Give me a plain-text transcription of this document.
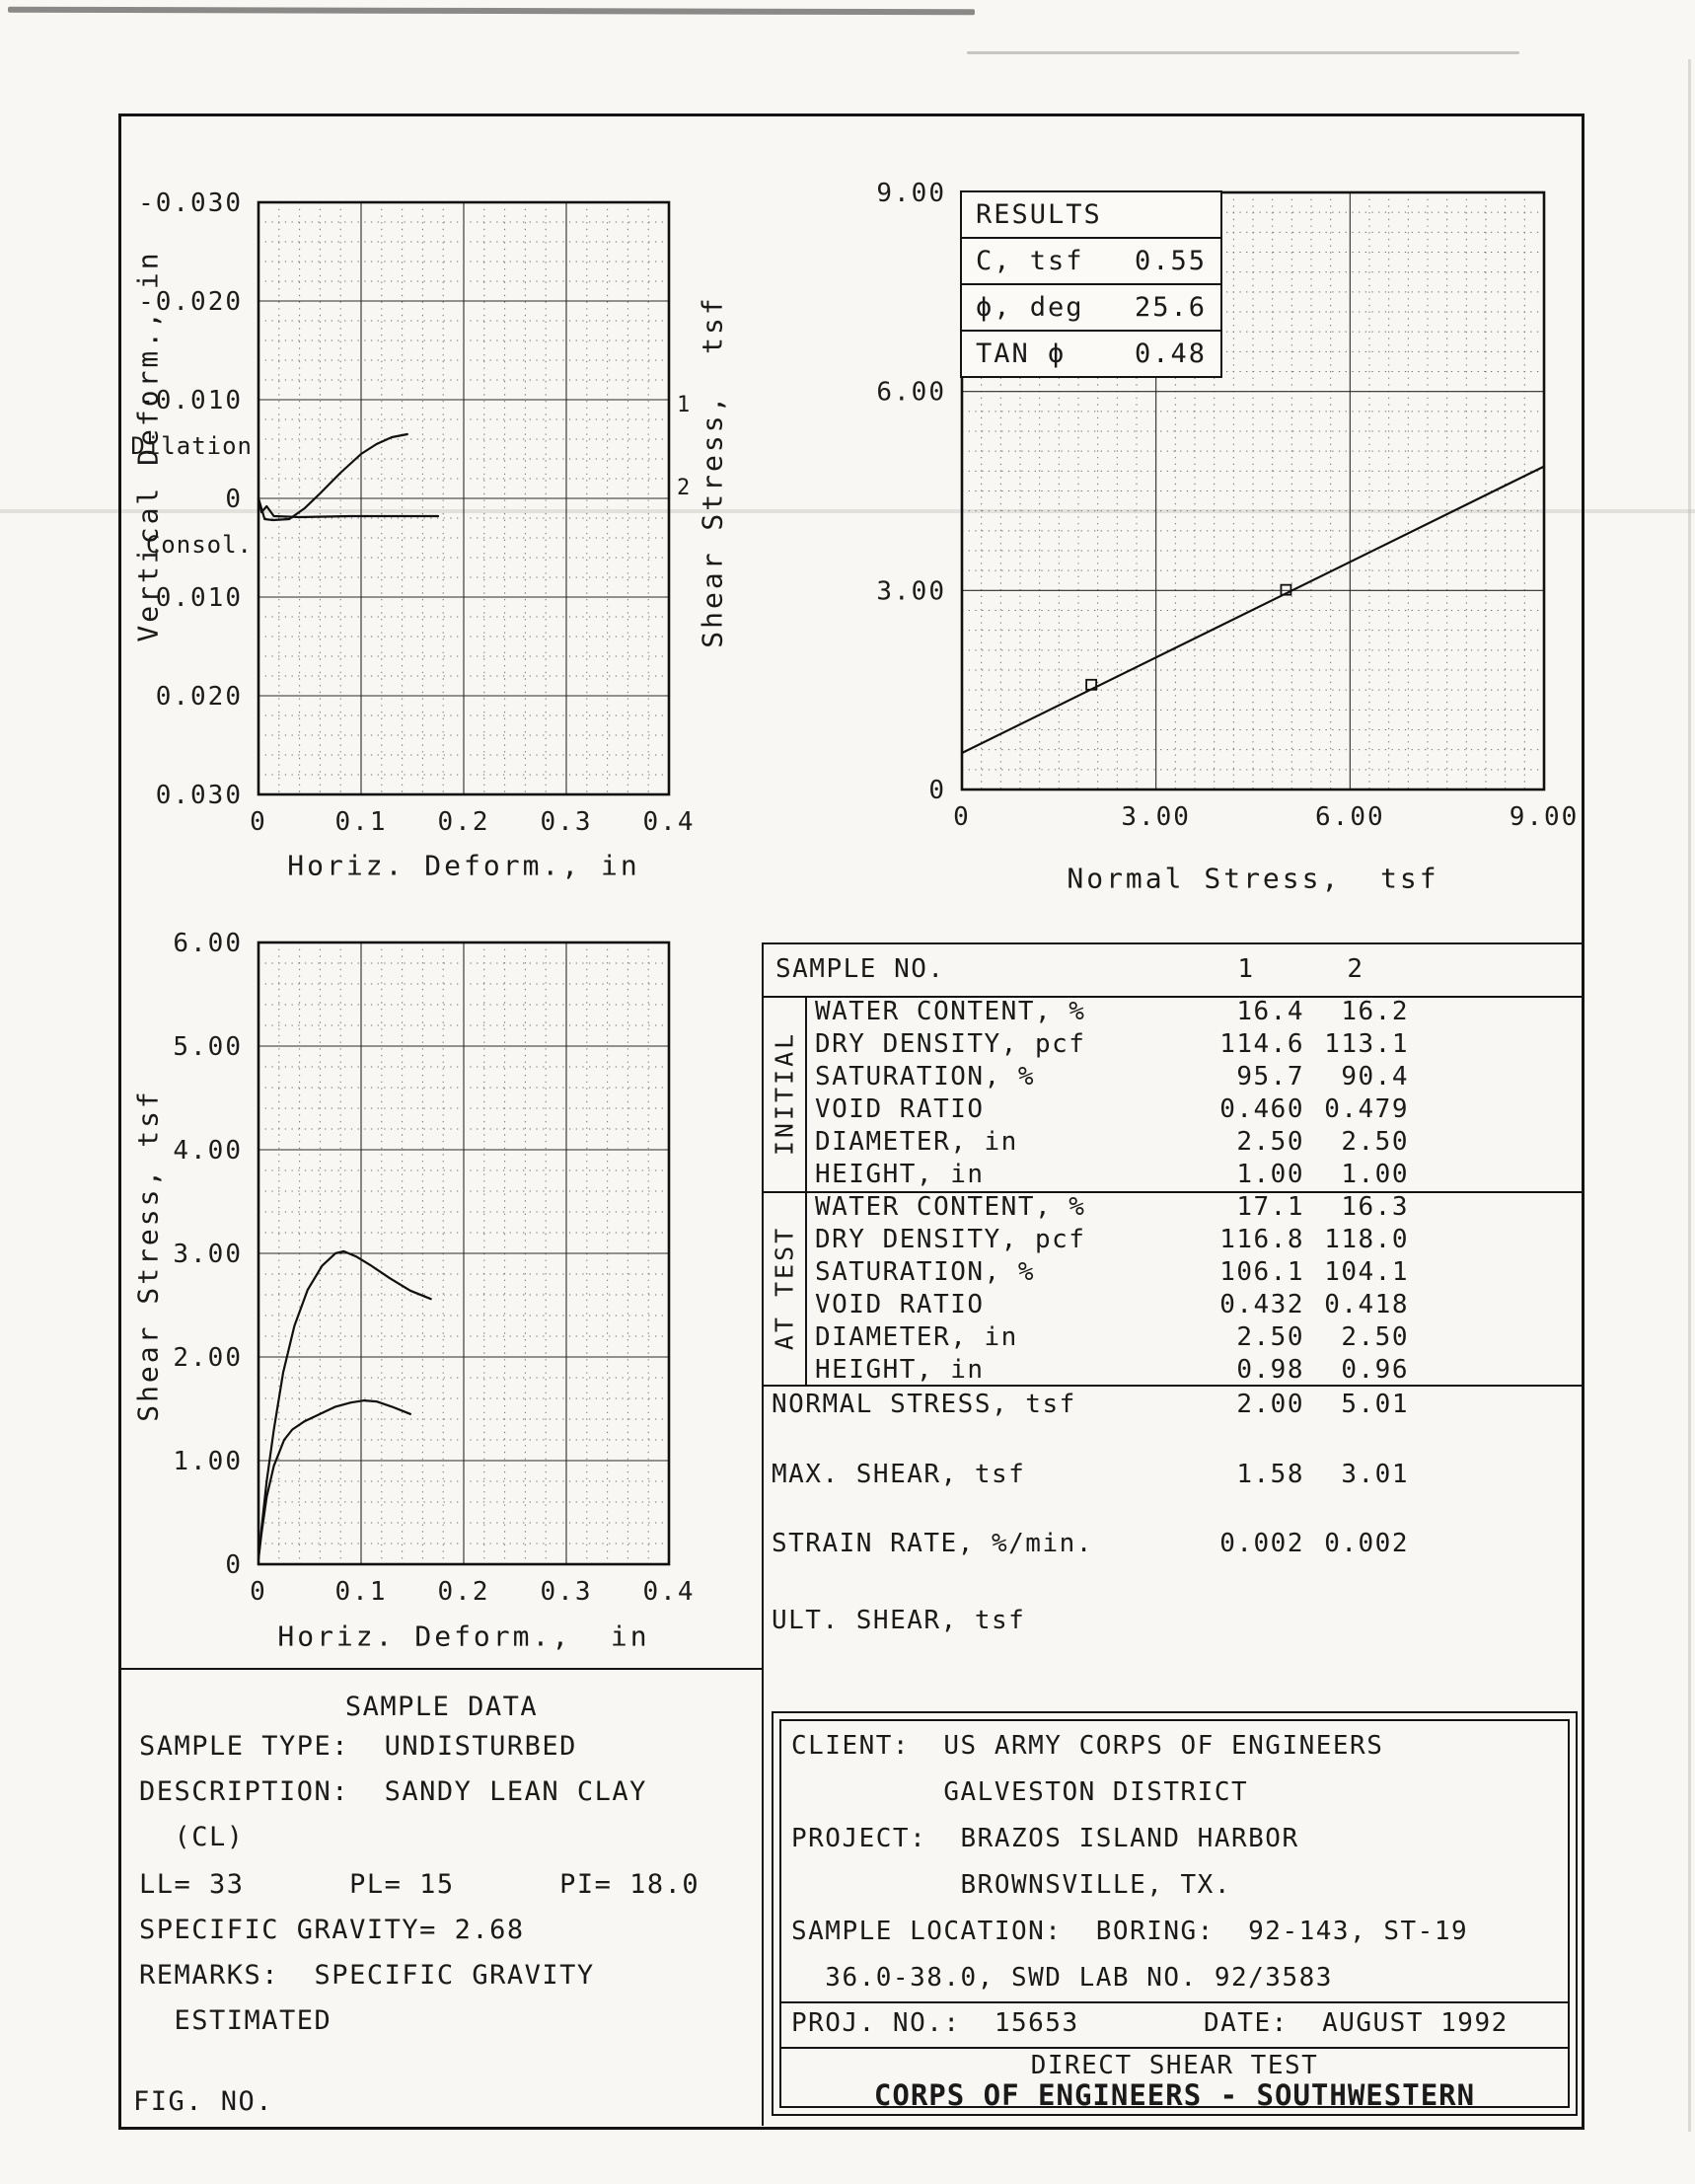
0	0.1 0.2 0.3 0.4
-0.030
-0.020
-0.010
0
0.010
0.020
0.030
Vertical Deform., in
Horiz. Deform., in
Dilation
Consol.
1
2
0	3.00	6.00	9.00
9.00
6.00
3.00
0
Shear Stress,  tsf
Normal Stress,  tsf
RESULTS
C, tsf 0.55
ϕ, deg 25.6
TAN ϕ	0.48
0	0.1 0.2 0.3 0.4
6.00
5.00
4.00
3.00
2.00
1.00
0
Shear Stress, tsf
Horiz. Deform.,  in
SAMPLE NO.	1	2
INITIAL
WATER CONTENT, %	16.4	16.2
DRY DENSITY, pcf	114.6 113.1
SATURATION, %	95.7	90.4
VOID RATIO	0.460 0.479
DIAMETER, in	2.50	2.50
HEIGHT, in	1.00	1.00
AT TEST
WATER CONTENT, %	17.1	16.3
DRY DENSITY, pcf	116.8 118.0
SATURATION, %	106.1 104.1
VOID RATIO	0.432 0.418
DIAMETER, in	2.50	2.50
HEIGHT, in	0.98	0.96
NORMAL STRESS, tsf	2.00	5.01
MAX. SHEAR, tsf	1.58	3.01
STRAIN RATE, %/min.	0.002 0.002
ULT. SHEAR, tsf
SAMPLE DATA
SAMPLE TYPE:  UNDISTURBED
DESCRIPTION:  SANDY LEAN CLAY
(CL)
LL= 33      PL= 15      PI= 18.0
SPECIFIC GRAVITY= 2.68
REMARKS:  SPECIFIC GRAVITY
ESTIMATED
FIG. NO.
CLIENT:  US ARMY CORPS OF ENGINEERS
GALVESTON DISTRICT
PROJECT:  BRAZOS ISLAND HARBOR
BROWNSVILLE, TX.
SAMPLE LOCATION:  BORING:  92-143, ST-19
36.0-38.0, SWD LAB NO. 92/3583
PROJ. NO.:  15653	DATE:  AUGUST 1992
DIRECT SHEAR TEST
CORPS OF ENGINEERS - SOUTHWESTERN
